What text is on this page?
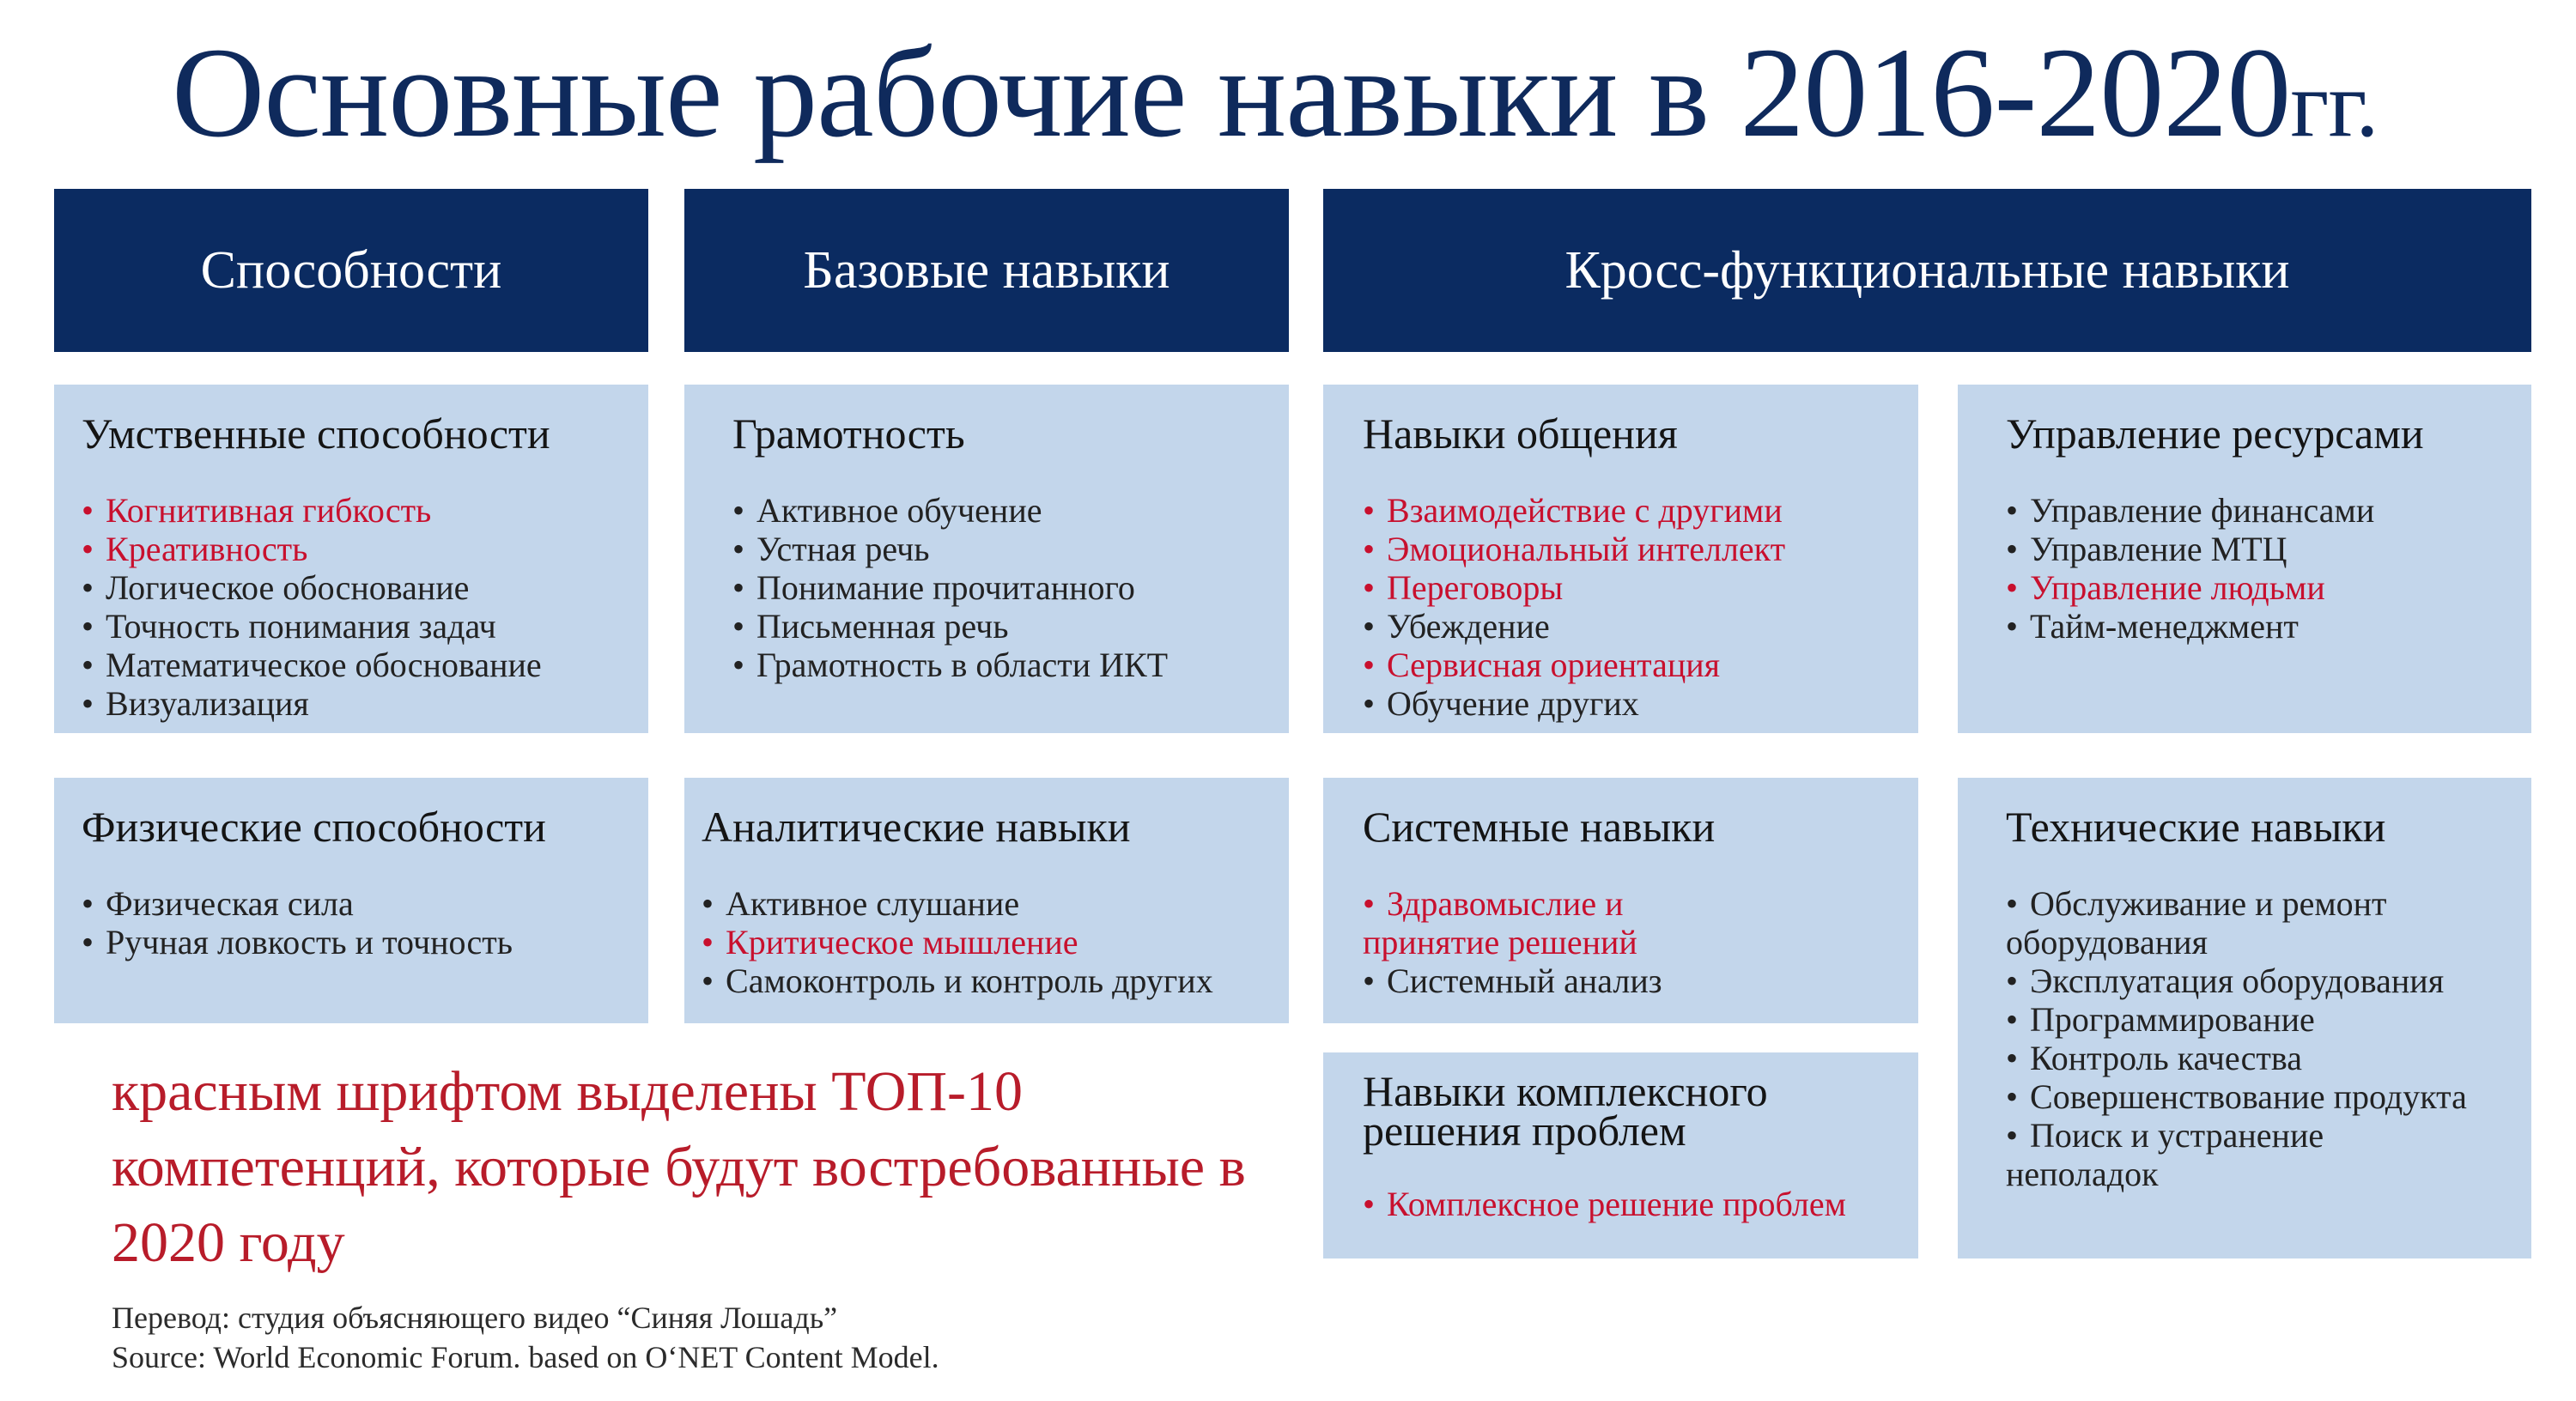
Основные рабочие навыки в 2016-2020гг.
Способности	Базовые навыки	Кросс-функциональные навыки
Умственные способности
• Когнитивная гибкость
• Креативность
• Логическое обоснование
• Точность понимания задач
• Математическое обоснование
• Визуализация
Физические способности
• Физическая сила
• Ручная ловкость и точность
Грамотность
• Активное обучение
• Устная речь
• Понимание прочитанного
• Письменная речь
• Грамотность в области ИКТ
Аналитические навыки
• Активное слушание
• Критическое мышление
• Самоконтроль и контроль других
Навыки общения
• Взаимодействие с другими
• Эмоциональный интеллект
• Переговоры
• Убеждение
• Сервисная ориентация
• Обучение других
Системные навыки
• Здравомыслие и принятие решений
• Системный анализ
Навыки комплексного решения проблем
• Комплексное решение проблем
Управление ресурсами
• Управление финансами
• Управление МТЦ
• Управление людьми
• Тайм-менеджмент
Технические навыки
• Обслуживание и ремонт оборудования
• Эксплуатация оборудования
• Программирование
• Контроль качества
• Совершенствование продукта
• Поиск и устранение неполадок
красным шрифтом выделены ТОП-10 компетенций, которые будут востребованные в 2020 году
Перевод: студия объясняющего видео “Синяя Лошадь”
Source: World Economic Forum. based on O‘NET Content Model.
